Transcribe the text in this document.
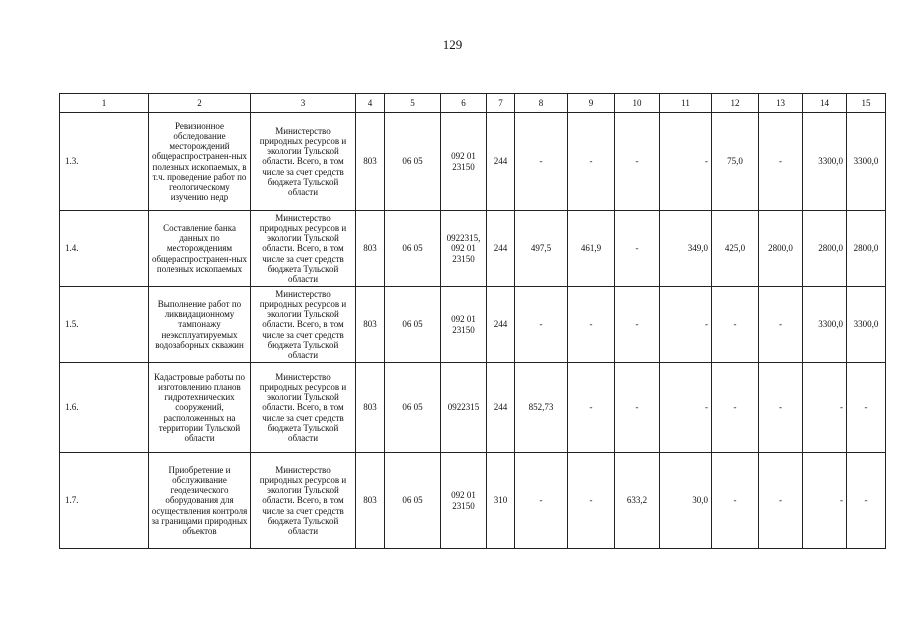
129
1	2	3	4	5	6	7	8	9	10	11	12	13	14	15
1.3.	Ревизионное обследование месторождений общераспространен-ных полезных ископаемых, в т.ч. проведение работ по геологическому изучению недр	Министерство природных ресурсов и экологии Тульской области. Всего, в том числе за счет средств бюджета Тульской области	803	06 05	092 01 23150	244	-	-	-	-	75,0	-	3300,0	3300,0
1.4.	Составление банка данных по месторождениям общераспространен-ных полезных ископаемых	Министерство природных ресурсов и экологии Тульской области. Всего, в том числе за счет средств бюджета Тульской области	803	06 05	0922315, 092 01 23150	244	497,5	461,9	-	349,0	425,0	2800,0	2800,0	2800,0
1.5.	Выполнение работ по ликвидационному тампонажу неэксплуатируемых водозаборных скважин	Министерство природных ресурсов и экологии Тульской области. Всего, в том числе за счет средств бюджета Тульской области	803	06 05	092 01 23150	244	-	-	-	-	-	-	3300,0	3300,0
1.6.	Кадастровые работы по изготовлению планов гидротехнических сооружений, расположенных на территории Тульской области	Министерство природных ресурсов и экологии Тульской области. Всего, в том числе за счет средств бюджета Тульской области	803	06 05	0922315	244	852,73	-	-	-	-	-	-	-
1.7.	Приобретение и обслуживание геодезического оборудования для осуществления контроля за границами природных объектов	Министерство природных ресурсов и экологии Тульской области. Всего, в том числе за счет средств бюджета Тульской области	803	06 05	092 01 23150	310	-	-	633,2	30,0	-	-	-	-
